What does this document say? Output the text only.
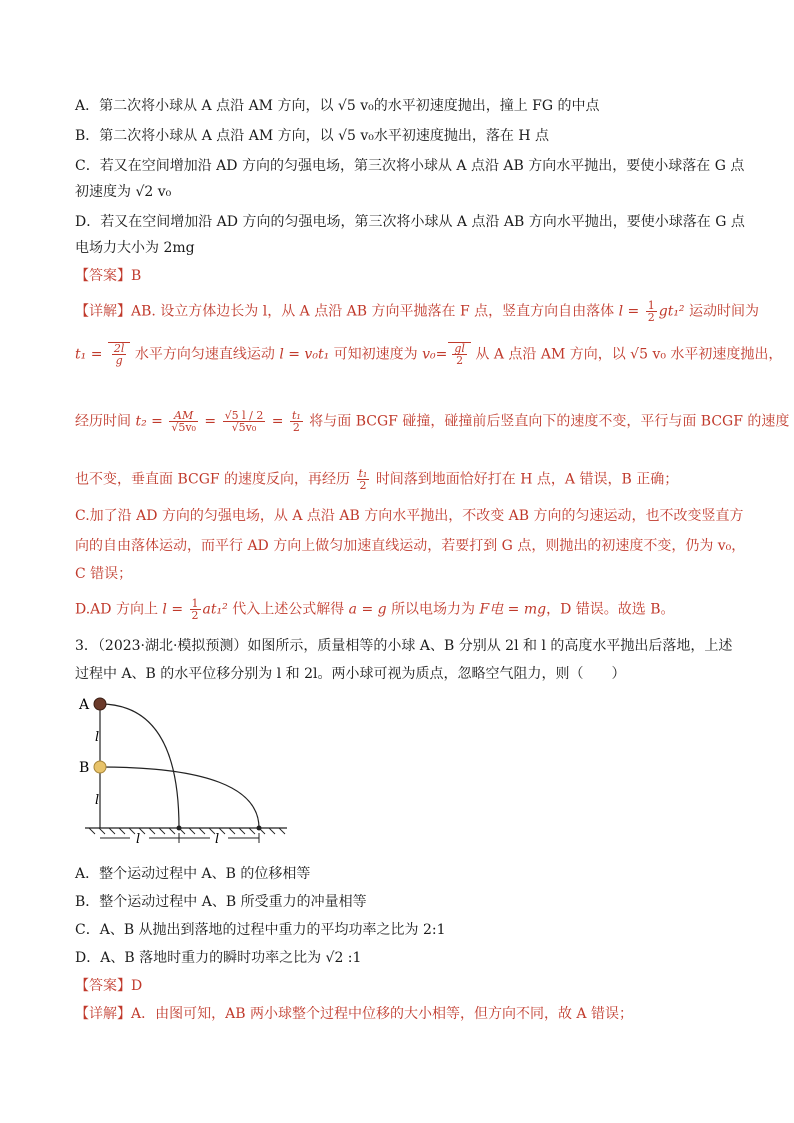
A．第二次将小球从 A 点沿 AM 方向，以 √5 v₀的水平初速度抛出，撞上 FG 的中点
B．第二次将小球从 A 点沿 AM 方向，以 √5 v₀水平初速度抛出，落在 H 点
C．若又在空间增加沿 AD 方向的匀强电场，第三次将小球从 A 点沿 AB 方向水平抛出，要使小球落在 G 点
初速度为 √2 v₀
D．若又在空间增加沿 AD 方向的匀强电场，第三次将小球从 A 点沿 AB 方向水平抛出，要使小球落在 G 点
电场力大小为 2mg
【答案】B
【详解】AB. 设立方体边长为 l，从 A 点沿 AB 方向平抛落在 F 点，竖直方向自由落体 $l = \frac{1}{2} gt_1^2$ 运动时间为
$t_1 = \frac{2l}{g}$ 水平方向匀速直线运动 l = v₀t₁ 可知初速度为 $v_0= \frac{gl}{2}$ 从 A 点沿 AM 方向，以 √5 v₀ 水平初速度抛出，
经历时间 $t_2 = \frac{AM}{\text{√5v₀}} = \frac{√5 l / 2}{\text{√5v₀}} = \frac{\text{t₁}}{2}$ 将与面 BCGF 碰撞，碰撞前后竖直向下的速度不变，平行与面 BCGF 的速度
也不变，垂直面 BCGF 的速度反向，再经历 $\frac{\text{t₁}}{2}$ 时间落到地面恰好打在 H 点，A 错误，B 正确；
C.加了沿 AD 方向的匀强电场，从 A 点沿 AB 方向水平抛出，不改变 AB 方向的匀速运动，也不改变竖直方
向的自由落体运动，而平行 AD 方向上做匀加速直线运动，若要打到 G 点，则抛出的初速度不变，仍为 v₀，
C 错误；
D.AD 方向上 $l = \frac{1}{2} at_1^2$ 代入上述公式解得 a = g 所以电场力为 F电 = mg，D 错误。故选 B。
3．（2023·湖北·模拟预测）如图所示，质量相等的小球 A、B 分别从 2l 和 l 的高度水平抛出后落地，上述
过程中 A、B 的水平位移分别为 l 和 2l。两小球可视为质点，忽略空气阻力，则（　　）
A
B
l
l
l	l
A．整个运动过程中 A、B 的位移相等
B．整个运动过程中 A、B 所受重力的冲量相等
C．A、B 从抛出到落地的过程中重力的平均功率之比为 2:1
D．A、B 落地时重力的瞬时功率之比为 √2 :1
【答案】D
【详解】A．由图可知，AB 两小球整个过程中位移的大小相等，但方向不同，故 A 错误；
